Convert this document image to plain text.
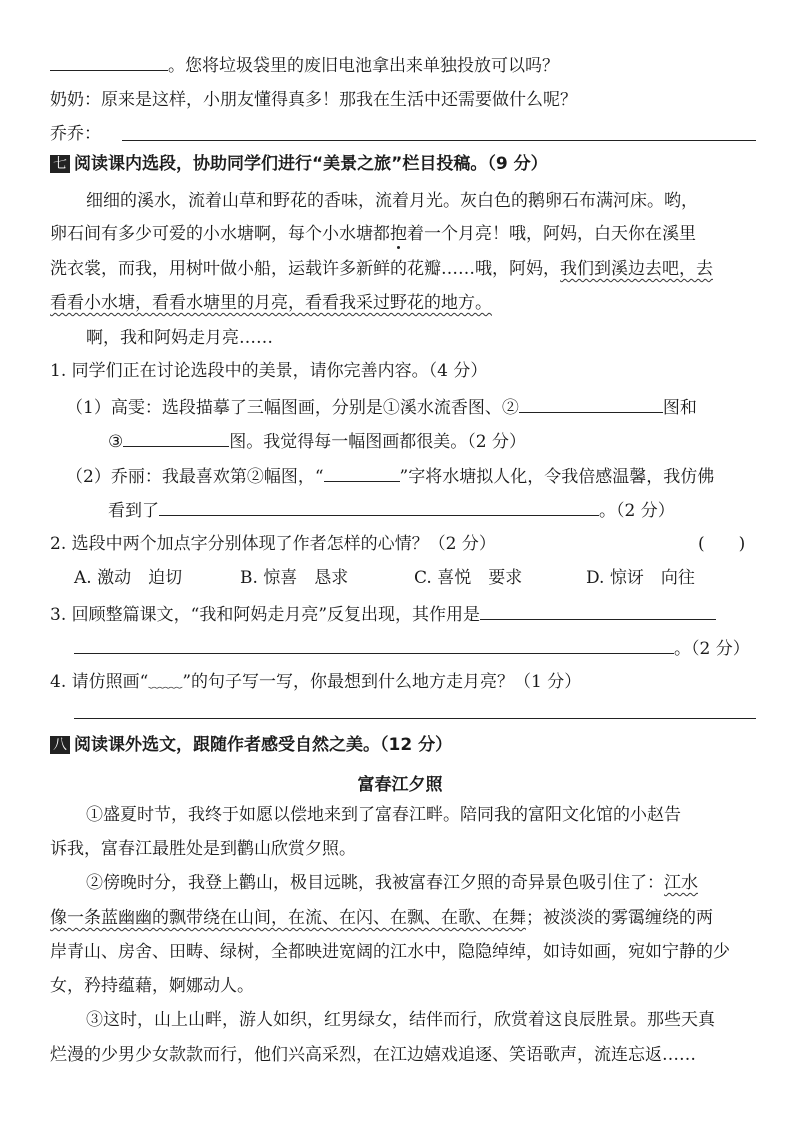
。您将垃圾袋里的废旧电池拿出来单独投放可以吗？
奶奶：原来是这样，小朋友懂得真多！那我在生活中还需要做什么呢？
乔乔：
七 阅读课内选段，协助同学们进行“美景之旅”栏目投稿。（9 分）
细细的溪水，流着山草和野花的香味，流着月光。灰白色的鹅卵石布满河床。哟，
卵石间有多少可爱的小水塘啊，每个小水塘都抱着一个月亮！哦，阿妈，白天你在溪里
洗衣裳，而我，用树叶做小船，运载许多新鲜的花瓣……哦，阿妈，我们到溪边去吧，去
看看小水塘，看看水塘里的月亮，看看我采过野花的地方。
啊，我和阿妈走月亮……
1. 同学们正在讨论选段中的美景，请你完善内容。（4 分）
（1）高雯：选段描摹了三幅图画，分别是①溪水流香图、②	图和
③	图。我觉得每一幅图画都很美。（2 分）
（2）乔丽：我最喜欢第②幅图，“	”字将水塘拟人化，令我倍感温馨，我仿佛
看到了	。（2 分）
2. 选段中两个加点字分别体现了作者怎样的心情？（2 分）	(　　)
A. 激动　迫切	B. 惊喜　恳求	C. 喜悦　要求	D. 惊讶　向往
3. 回顾整篇课文，“我和阿妈走月亮”反复出现，其作用是
。（2 分）
4. 请仿照画“﹏﹏”的句子写一写，你最想到什么地方走月亮？（1 分）
八 阅读课外选文，跟随作者感受自然之美。（12 分）
富春江夕照
①盛夏时节，我终于如愿以偿地来到了富春江畔。陪同我的富阳文化馆的小赵告
诉我，富春江最胜处是到鹳山欣赏夕照。
②傍晚时分，我登上鹳山，极目远眺，我被富春江夕照的奇异景色吸引住了：江水
像一条蓝幽幽的飘带绕在山间，在流、在闪、在飘、在歌、在舞；被淡淡的雾霭缠绕的两
岸青山、房舍、田畴、绿树，全都映进宽阔的江水中，隐隐绰绰，如诗如画，宛如宁静的少
女，矜持蕴藉，婀娜动人。
③这时，山上山畔，游人如织，红男绿女，结伴而行，欣赏着这良辰胜景。那些天真
烂漫的少男少女款款而行，他们兴高采烈，在江边嬉戏追逐、笑语歌声，流连忘返……
